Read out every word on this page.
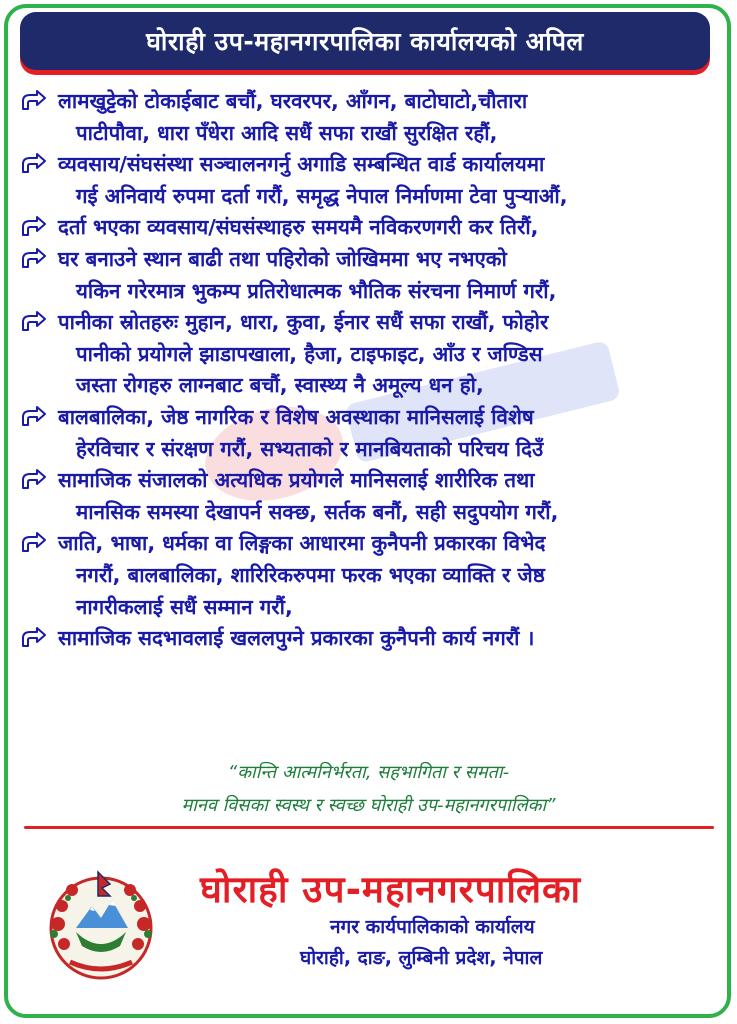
घोराही उप-महानगरपालिका कार्यालयको अपिल
लामखुट्टेको टोकाईबाट बचौं, घरवरपर, आँगन, बाटोघाटो,चौतारा
पाटीपौवा, धारा पँधेरा आदि सधैं सफा राखौं सुरक्षित रहौं,
व्यवसाय/संघसंस्था सञ्चालनगर्नु अगाडि सम्बन्धित वार्ड कार्यालयमा
गई अनिवार्य रुपमा दर्ता गरौं, समृद्ध नेपाल निर्माणमा टेवा पुऱ्याऔं,
दर्ता भएका व्यवसाय/संघसंस्थाहरु समयमै नविकरणगरी कर तिरौं,
घर बनाउने स्थान बाढी तथा पहिरोको जोखिममा भए नभएको
यकिन गरेरमात्र भुकम्प प्रतिरोधात्मक भौतिक संरचना निमार्ण गरौं,
पानीका स्रोतहरुः मुहान, धारा, कुवा, ईनार सधैं सफा राखौं, फोहोर
पानीको प्रयोगले झाडापखाला, हैजा, टाइफाइट, आँउ र जण्डिस
जस्ता रोगहरु लाग्नबाट बचौं, स्वास्थ्य नै अमूल्य धन हो,
बालबालिका, जेष्ठ नागरिक र विशेष अवस्थाका मानिसलाई विशेष
हेरविचार र संरक्षण गरौं, सभ्यताको र मानबियताको परिचय दिउँ
सामाजिक संजालको अत्यधिक प्रयोगले मानिसलाई शारीरिक तथा
मानसिक समस्या देखापर्न सक्छ, सर्तक बनौं, सही सदुपयोग गरौं,
जाति, भाषा, धर्मका वा लिङ्गका आधारमा कुनैपनी प्रकारका विभेद
नगरौं, बालबालिका, शारिरिकरुपमा फरक भएका व्याक्ति र जेष्ठ
नागरीकलाई सधैं सम्मान गरौं,
सामाजिक सदभावलाई खललपुग्ने प्रकारका कुनैपनी कार्य नगरौं ।
“कान्ति आत्मनिर्भरता, सहभागिता र समता-
मानव विसका स्वस्थ र स्वच्छ घोराही उप-महानगरपालिका”
घोराही उप-महानगरपालिका
नगर कार्यपालिकाको कार्यालय
घोराही, दाङ, लुम्बिनी प्रदेश, नेपाल
